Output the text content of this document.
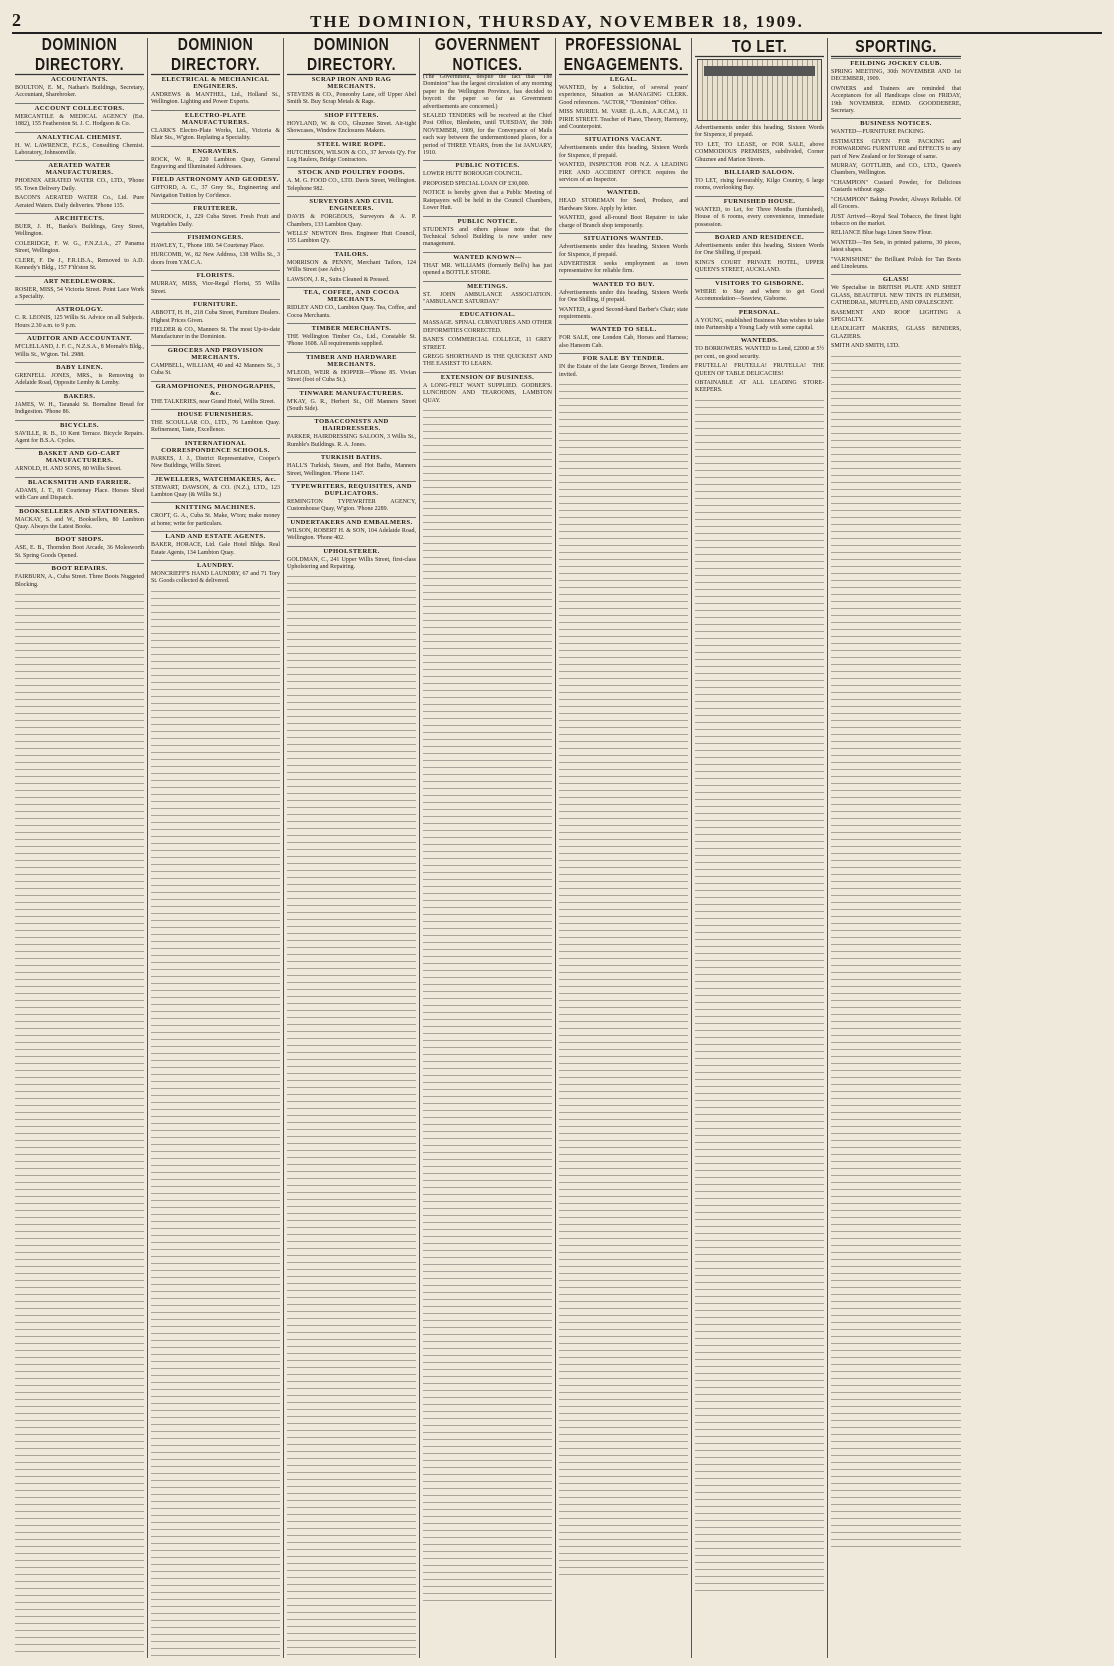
2	THE DOMINION, THURSDAY, NOVEMBER 18, 1909.
DOMINION DIRECTORY.
ACCOUNTANTS.
BOULTON, E. M., Nathan's Buildings, Secretary, Accountant, Sharebroker.
ACCOUNT COLLECTORS.
MERCANTILE & MEDICAL AGENCY (Est. 1882), 155 Featherston St. J. C. Hodgson & Co.
ANALYTICAL CHEMIST.
H. W. LAWRENCE, F.C.S., Consulting Chemist. Laboratory, Johnsonville.
AERATED WATER MANUFACTURERS.
PHOENIX AERATED WATER CO., LTD., 'Phone 95. Town Delivery Daily.
BACON'S AERATED WATER Co., Ltd. Pure Aerated Waters. Daily deliveries. 'Phone 135.
ARCHITECTS.
BUER, J. H., Banks's Buildings, Grey Street, Wellington.
COLERIDGE, F. W. G., F.N.Z.I.A., 27 Panama Street, Wellington.
CLERE, F. De J., F.R.I.B.A., Removed to A.D. Kennedy's Bldg., 157 F'th'ston St.
ART NEEDLEWORK.
ROSIER, MISS, 54 Victoria Street. Point Lace Work a Speciality.
ASTROLOGY.
C. R. LEONIS, 125 Willis St. Advice on all Subjects. Hours 2.30 a.m. to 9 p.m.
AUDITOR AND ACCOUNTANT.
M'CLELLAND, J. F. C., N.Z.S.A., 8 Mornab's Bldg., Willis St., W'gton. Tel. 2988.
BABY LINEN.
GRENFELL JONES, MRS., is Removing to Adelaide Road, Opposite Lemby & Lemby.
BAKERS.
JAMES, W. H., Taranaki St. Bornaline Bread for Indigestion. 'Phone 86.
BICYCLES.
SAVILLE, R. B., 10 Kent Terrace. Bicycle Repairs. Agent for B.S.A. Cycles.
BASKET AND GO-CART MANUFACTURERS.
ARNOLD, H. AND SONS, 80 Willis Street.
BLACKSMITH AND FARRIER.
ADAMS, J. T., 81 Courtenay Place. Horses Shod with Care and Dispatch.
BOOKSELLERS AND STATIONERS.
MACKAY, S. and W., Booksellers, 80 Lambton Quay. Always the Latest Books.
BOOT SHOPS.
ASE, E. B., Thorndon Boot Arcade, 36 Molesworth St. Spring Goods Opened.
BOOT REPAIRS.
FAIRBURN, A., Cuba Street. Three Boots Nuggeted Blocking.
DOMINION DIRECTORY.
ELECTRICAL & MECHANICAL ENGINEERS.
ANDREWS & MANTHEL, Ltd., Holland St., Wellington. Lighting and Power Experts.
ELECTRO-PLATE MANUFACTURERS.
CLARK'S Electro-Plate Works, Ltd., Victoria & Blair Sts., W'gton. Replating a Speciality.
ENGRAVERS.
ROCK, W. R., 220 Lambton Quay, General Engraving and Illuminated Addresses.
FIELD ASTRONOMY AND GEODESY.
GIFFORD, A. C., 37 Grey St., Engineering and Navigation Tuition by Cor'dence.
FRUITERER.
MURDOCK, J., 229 Cuba Street. Fresh Fruit and Vegetables Daily.
FISHMONGERS.
HAWLEY, T., 'Phone 180. 54 Courtenay Place.
HURCOMB, W., 82 New Address, 138 Willis St., 3 doors from Y.M.C.A.
FLORISTS.
MURRAY, MISS, Vice-Regal Florist, 55 Willis Street.
FURNITURE.
ABBOTT, H. H., 218 Cuba Street, Furniture Dealers. Highest Prices Given.
FIELDER & CO., Manners St. The most Up-to-date Manufacturer in the Dominion.
GROCERS AND PROVISION MERCHANTS.
CAMPBELL, WILLIAM, 40 and 42 Manners St., 3 Cuba St.
GRAMOPHONES, PHONOGRAPHS, &c.
THE TALKERIES, near Grand Hotel, Willis Street.
HOUSE FURNISHERS.
THE SCOULLAR CO., LTD., 76 Lambton Quay. Refinement, Taste, Excellence.
INTERNATIONAL CORRESPONDENCE SCHOOLS.
PARKES, J. J., District Representative, Cooper's New Buildings, Willis Street.
JEWELLERS, WATCHMAKERS, &c.
STEWART, DAWSON, & CO. (N.Z.), LTD., 123 Lambton Quay (& Willis St.)
KNITTING MACHINES.
CROFT, G. A., Cuba St. Make, W'ton; make money at home; write for particulars.
LAND AND ESTATE AGENTS.
BAKER, HORACE, Ltd. Gale Hotel Bldgs. Real Estate Agents, 134 Lambton Quay.
LAUNDRY.
MONCRIEFF'S HAND LAUNDRY, 67 and 71 Tory St. Goods collected & delivered.
DOMINION DIRECTORY.
SCRAP IRON AND RAG MERCHANTS.
STEVENS & CO., Poneonby Lane, off Upper Abel Smith St. Buy Scrap Metals & Rags.
SHOP FITTERS.
HOYLAND, W. & CO., Ghuznee Street. Air-tight Showcases, Window Enclosures Makers.
STEEL WIRE ROPE.
HUTCHESON, WILSON & CO., 37 Jervois Q'y. For Log Haulers, Bridge Contractors.
STOCK AND POULTRY FOODS.
A. M. G. FOOD CO., LTD. Davis Street, Wellington. Telephone 982.
SURVEYORS AND CIVIL ENGINEERS.
DAVIS & FORGEOUS, Surveyors & A. P. Chambers, 133 Lambton Quay.
WELLS' NEWTON Bros. Engineer Hutt Council, 155 Lambton Q'y.
TAILORS.
MORRISON & PENNY, Merchant Tailors, 124 Willis Street (see Advt.)
LAWSON, J. R., Suits Cleaned & Pressed.
TEA, COFFEE, AND COCOA MERCHANTS.
RIDLEY AND CO., Lambton Quay. Tea, Coffee, and Cocoa Merchants.
TIMBER MERCHANTS.
THE Wellington Timber Co., Ltd., Constable St. 'Phone 1608. All requirements supplied.
TIMBER AND HARDWARE MERCHANTS.
M'LEOD, WEIR & HOPPER—'Phone 85. Vivian Street (foot of Cuba St.).
TINWARE MANUFACTURERS.
M'KAY, G. R., Herbert St., Off Manners Street (South Side).
TOBACCONISTS AND HAIRDRESSERS.
PARKER, HAIRDRESSING SALOON, 3 Willis St., Rumble's Buildings. R. A. Jones.
TURKISH BATHS.
HALL'S Turkish, Steam, and Hot Baths, Manners Street, Wellington. 'Phone 1147.
TYPEWRITERS, REQUISITES, AND DUPLICATORS.
REMINGTON TYPEWRITER AGENCY, Customhouse Quay, W'gton. 'Phone 2289.
UNDERTAKERS AND EMBALMERS.
WILSON, ROBERT H. & SON, 104 Adelaide Road, Wellington. 'Phone 402.
UPHOLSTERER.
GOLDMAN, C., 241 Upper Willis Street, first-class Upholstering and Repairing.
GOVERNMENT NOTICES.
(The Government, despite the fact that "The Dominion" has the largest circulation of any morning paper in the Wellington Province, has decided to boycott the paper so far as Government advertisements are concerned.)
SEALED TENDERS will be received at the Chief Post Office, Blenheim, until TUESDAY, the 30th NOVEMBER, 1909, for the Conveyance of Mails each way between the undermentioned places, for a period of THREE YEARS, from the 1st JANUARY, 1910.
PUBLIC NOTICES.
LOWER HUTT BOROUGH COUNCIL.
PROPOSED SPECIAL LOAN OF £30,000.
NOTICE is hereby given that a Public Meeting of Ratepayers will be held in the Council Chambers, Lower Hutt.
PUBLIC NOTICE.
STUDENTS and others please note that the Technical School Building is now under new management.
WANTED KNOWN—
THAT MR. WILLIAMS (formerly Bell's) has just opened a BOTTLE STORE.
MEETINGS.
ST. JOHN AMBULANCE ASSOCIATION. "AMBULANCE SATURDAY."
EDUCATIONAL.
MASSAGE. SPINAL CURVATURES AND OTHER DEFORMITIES CORRECTED.
BANE'S COMMERCIAL COLLEGE, 11 GREY STREET.
GREGG SHORTHAND IS THE QUICKEST AND THE EASIEST TO LEARN.
EXTENSION OF BUSINESS.
A LONG-FELT WANT SUPPLIED. GODBER'S. LUNCHEON AND TEAROOMS, LAMBTON QUAY.
PROFESSIONAL ENGAGEMENTS.
LEGAL.
WANTED, by a Solicitor, of several years' experience, Situation as MANAGING CLERK. Good references. "ACTOR," "Dominion" Office.
MISS MURIEL M. VARE (L.A.B., A.R.C.M.), 11 PIRIE STREET. Teacher of Piano, Theory, Harmony, and Counterpoint.
SITUATIONS VACANT.
Advertisements under this heading, Sixteen Words for Sixpence, if prepaid.
WANTED, INSPECTOR FOR N.Z. A LEADING FIRE AND ACCIDENT OFFICE requires the services of an Inspector.
WANTED.
HEAD STOREMAN for Seed, Produce, and Hardware Store. Apply by letter.
WANTED, good all-round Boot Repairer to take charge of Branch shop temporarily.
SITUATIONS WANTED.
Advertisements under this heading, Sixteen Words for Sixpence, if prepaid.
ADVERTISER seeks employment as town representative for reliable firm.
WANTED TO BUY.
Advertisements under this heading, Sixteen Words for One Shilling, if prepaid.
WANTED, a good Second-hand Barber's Chair; state requirements.
WANTED TO SELL.
FOR SALE, one London Cab, Horses and Harness; also Hansom Cab.
FOR SALE BY TENDER.
IN the Estate of the late George Brown, Tenders are invited.
TO LET.
Advertisements under this heading, Sixteen Words for Sixpence, if prepaid.
TO LET, TO LEASE, or FOR SALE, above COMMODIOUS PREMISES, subdivided, Corner Ghuznee and Marion Streets.
BILLIARD SALOON.
TO LET, rising favourably, Kilgo Country, 6 large rooms, overlooking Bay.
FURNISHED HOUSE.
WANTED, to Let, for Three Months (furnished), House of 6 rooms, every convenience, immediate possession.
BOARD AND RESIDENCE.
Advertisements under this heading, Sixteen Words for One Shilling, if prepaid.
KING'S COURT PRIVATE HOTEL, UPPER QUEEN'S STREET, AUCKLAND.
VISITORS TO GISBORNE.
WHERE to Stay and where to get Good Accommodation—Seaview, Gisborne.
PERSONAL.
A YOUNG, established Business Man wishes to take into Partnership a Young Lady with some capital.
WANTEDS.
TO BORROWERS. WANTED to Lend, £2000 at 5½ per cent., on good security.
FRUTELLA! FRUTELLA! FRUTELLA! THE QUEEN OF TABLE DELICACIES!
OBTAINABLE AT ALL LEADING STORE-KEEPERS.
SPORTING.
FEILDING JOCKEY CLUB.
SPRING MEETING, 30th NOVEMBER AND 1st DECEMBER, 1909.
OWNERS and Trainers are reminded that Acceptances for all Handicaps close on FRIDAY, 19th NOVEMBER. EDMD. GOODDEBERE, Secretary.
BUSINESS NOTICES.
WANTED—FURNITURE PACKING.
ESTIMATES GIVEN FOR PACKING and FORWARDING FURNITURE and EFFECTS to any part of New Zealand or for Storage of same.
MURRAY, GOTTLIEB, and CO., LTD., Queen's Chambers, Wellington.
"CHAMPION" Custard Powder, for Delicious Custards without eggs.
"CHAMPION" Baking Powder, Always Reliable. Of all Grocers.
JUST Arrived—Royal Seal Tobacco, the finest light tobacco on the market.
RELIANCE Blue bags Linen Snow Flour.
WANTED—Ten Sets, in printed patterns, 30 pieces, latest shapes.
"VARNISHINE" the Brilliant Polish for Tan Boots and Linoleums.
GLASS!
We Specialise in BRITISH PLATE AND SHEET GLASS, BEAUTIFUL NEW TINTS IN FLEMISH, CATHEDRAL, MUFFLED, AND OPALESCENT.
BASEMENT AND ROOF LIGHTING A SPECIALTY.
LEADLIGHT MAKERS, GLASS BENDERS, GLAZIERS.
SMITH AND SMITH, LTD.
